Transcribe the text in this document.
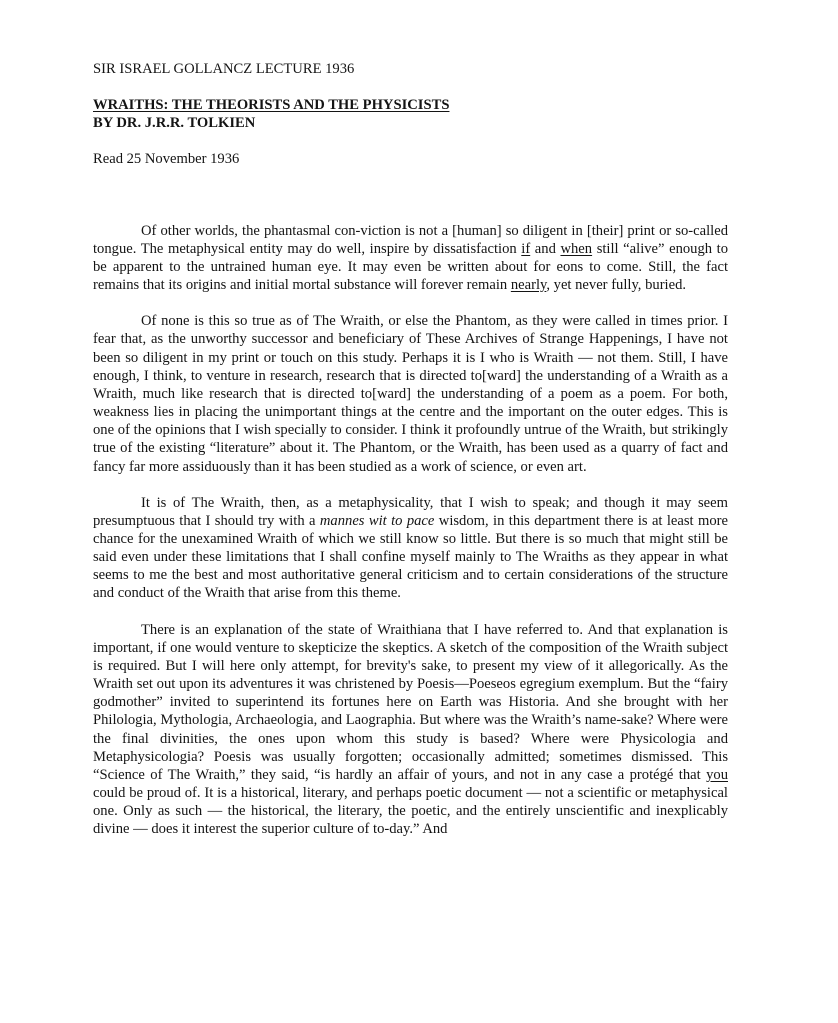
SIR ISRAEL GOLLANCZ LECTURE 1936
WRAITHS: THE THEORISTS AND THE PHYSICISTS
BY DR. J.R.R. TOLKIEN
Read 25 November 1936

Of other worlds, the phantasmal con-viction is not a [human] so diligent in [their] print or so-called tongue. The metaphysical entity may do well, inspire by dissatisfaction if and when still “alive” enough to be apparent to the untrained human eye. It may even be written about for eons to come. Still, the fact remains that its origins and initial mortal substance will forever remain nearly, yet never fully, buried.

Of none is this so true as of The Wraith, or else the Phantom, as they were called in times prior. I fear that, as the unworthy successor and beneficiary of These Archives of Strange Happenings, I have not been so diligent in my print or touch on this study. Perhaps it is I who is Wraith — not them. Still, I have enough, I think, to venture in research, research that is directed to[ward] the understanding of a Wraith as a Wraith, much like research that is directed to[ward] the understanding of a poem as a poem. For both, weakness lies in placing the unimportant things at the centre and the important on the outer edges. This is one of the opinions that I wish specially to consider. I think it profoundly untrue of the Wraith, but strikingly true of the existing “literature” about it. The Phantom, or the Wraith, has been used as a quarry of fact and fancy far more assiduously than it has been studied as a work of science, or even art.

It is of The Wraith, then, as a metaphysicality, that I wish to speak; and though it may seem presumptuous that I should try with a mannes wit to pace wisdom, in this department there is at least more chance for the unexamined Wraith of which we still know so little. But there is so much that might still be said even under these limitations that I shall confine myself mainly to The Wraiths as they appear in what seems to me the best and most authoritative general criticism and to certain considerations of the structure and conduct of the Wraith that arise from this theme.

There is an explanation of the state of Wraithiana that I have referred to. And that explanation is important, if one would venture to skepticize the skeptics. A sketch of the composition of the Wraith subject is required. But I will here only attempt, for brevity's sake, to present my view of it allegorically. As the Wraith set out upon its adventures it was christened by Poesis—Poeseos egregium exemplum. But the “fairy godmother” invited to superintend its fortunes here on Earth was Historia. And she brought with her Philologia, Mythologia, Archaeologia, and Laographia. But where was the Wraith’s name-sake? Where were the final divinities, the ones upon whom this study is based? Where were Physicologia and Metaphysicologia? Poesis was usually forgotten; occasionally admitted; sometimes dismissed. This “Science of The Wraith,” they said, “is hardly an affair of yours, and not in any case a protégé that you could be proud of. It is a historical, literary, and perhaps poetic document — not a scientific or metaphysical one. Only as such — the historical, the literary, the poetic, and the entirely unscientific and inexplicably divine — does it interest the superior culture of to-day.” And
